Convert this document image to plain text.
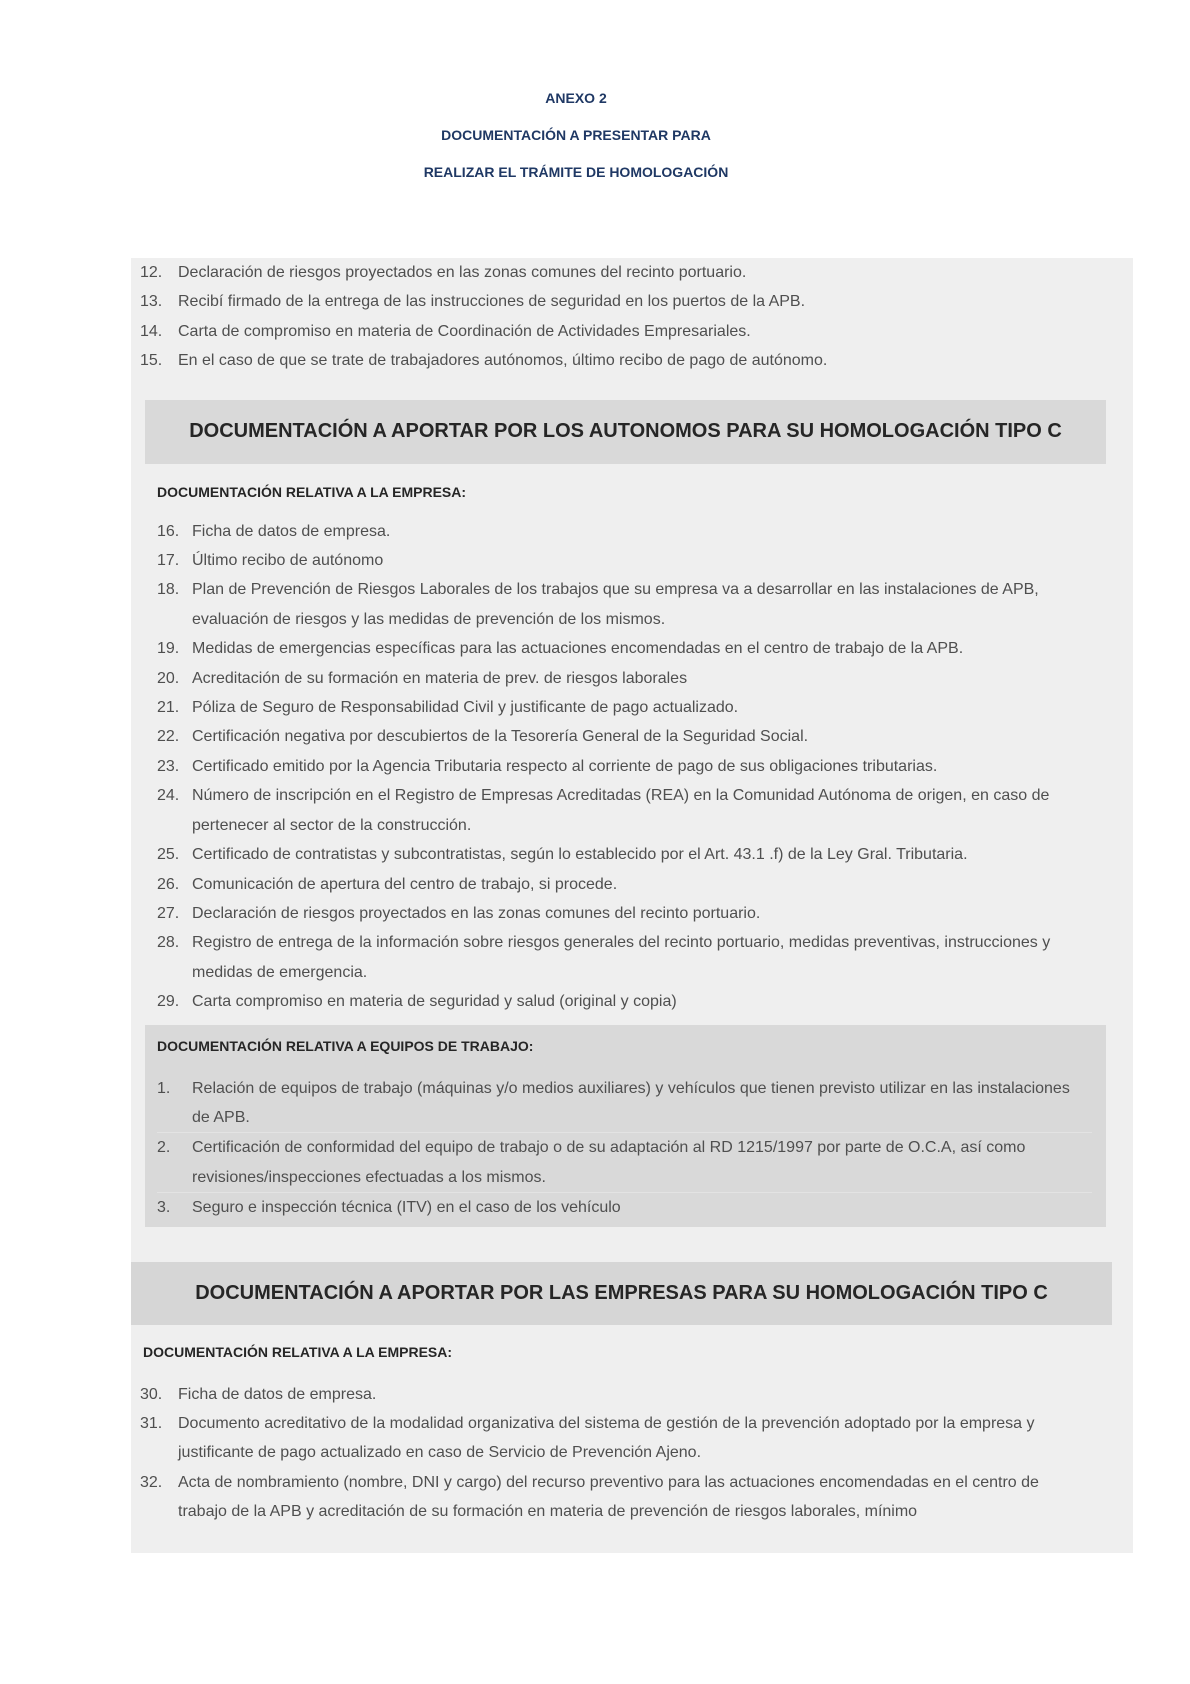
ANEXO 2
DOCUMENTACIÓN A PRESENTAR PARA
REALIZAR EL TRÁMITE DE HOMOLOGACIÓN
12. Declaración de riesgos proyectados en las zonas comunes del recinto portuario.
13. Recibí firmado de la entrega de las instrucciones de seguridad en los puertos de la APB.
14. Carta de compromiso en materia de Coordinación de Actividades Empresariales.
15. En el caso de que se trate de trabajadores autónomos, último recibo de pago de autónomo.
DOCUMENTACIÓN A APORTAR POR LOS AUTONOMOS PARA SU HOMOLOGACIÓN TIPO C
DOCUMENTACIÓN RELATIVA A LA EMPRESA:
16. Ficha de datos de empresa.
17. Último recibo de autónomo
18. Plan de Prevención de Riesgos Laborales de los trabajos que su empresa va a desarrollar en las instalaciones de APB, evaluación de riesgos y las medidas de prevención de los mismos.
19. Medidas de emergencias específicas para las actuaciones encomendadas en el centro de trabajo de la APB.
20. Acreditación de su formación en materia de prev. de riesgos laborales
21. Póliza de Seguro de Responsabilidad Civil y justificante de pago actualizado.
22. Certificación negativa por descubiertos de la Tesorería General de la Seguridad Social.
23. Certificado emitido por la Agencia Tributaria respecto al corriente de pago de sus obligaciones tributarias.
24. Número de inscripción en el Registro de Empresas Acreditadas (REA) en la Comunidad Autónoma de origen, en caso de pertenecer al sector de la construcción.
25. Certificado de contratistas y subcontratistas, según lo establecido por el Art. 43.1 .f) de la Ley Gral. Tributaria.
26. Comunicación de apertura del centro de trabajo, si procede.
27. Declaración de riesgos proyectados en las zonas comunes del recinto portuario.
28. Registro de entrega de la información sobre riesgos generales del recinto portuario, medidas preventivas, instrucciones y medidas de emergencia.
29. Carta compromiso en materia de seguridad y salud (original y copia)
DOCUMENTACIÓN RELATIVA A EQUIPOS DE TRABAJO:
1.	Relación de equipos de trabajo (máquinas y/o medios auxiliares) y vehículos que tienen previsto utilizar en las instalaciones de APB.
2.	Certificación de conformidad del equipo de trabajo o de su adaptación al RD 1215/1997 por parte de O.C.A, así como revisiones/inspecciones efectuadas a los mismos.
3.	Seguro e inspección técnica (ITV) en el caso de los vehículo
DOCUMENTACIÓN A APORTAR POR LAS EMPRESAS PARA SU HOMOLOGACIÓN TIPO C
DOCUMENTACIÓN RELATIVA A LA EMPRESA:
30. Ficha de datos de empresa.
31. Documento acreditativo de la modalidad organizativa del sistema de gestión de la prevención adoptado por la empresa y justificante de pago actualizado en caso de Servicio de Prevención Ajeno.
32. Acta de nombramiento (nombre, DNI y cargo) del recurso preventivo para las actuaciones encomendadas en el centro de trabajo de la APB y acreditación de su formación en materia de prevención de riesgos laborales, mínimo
